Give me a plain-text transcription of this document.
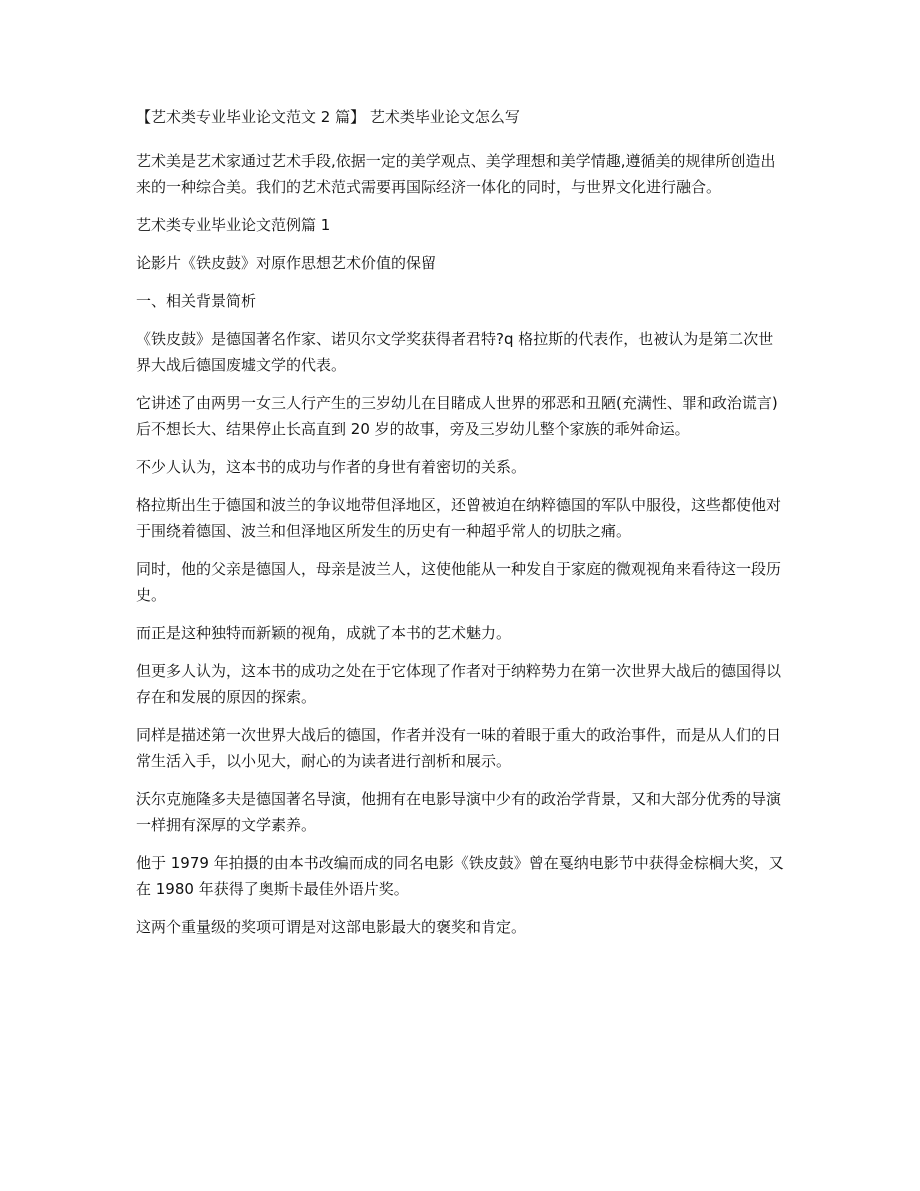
【艺术类专业毕业论文范文 2 篇】 艺术类毕业论文怎么写
艺术美是艺术家通过艺术手段,依据一定的美学观点、美学理想和美学情趣,遵循美的规律所创造出来的一种综合美。我们的艺术范式需要再国际经济一体化的同时，与世界文化进行融合。
艺术类专业毕业论文范例篇 1
论影片《铁皮鼓》对原作思想艺术价值的保留
一、相关背景简析
《铁皮鼓》是德国著名作家、诺贝尔文学奖获得者君特?q 格拉斯的代表作，也被认为是第二次世界大战后德国废墟文学的代表。
它讲述了由两男一女三人行产生的三岁幼儿在目睹成人世界的邪恶和丑陋(充满性、罪和政治谎言)后不想长大、结果停止长高直到 20 岁的故事，旁及三岁幼儿整个家族的乖舛命运。
不少人认为，这本书的成功与作者的身世有着密切的关系。
格拉斯出生于德国和波兰的争议地带但泽地区，还曾被迫在纳粹德国的军队中服役，这些都使他对于围绕着德国、波兰和但泽地区所发生的历史有一种超乎常人的切肤之痛。
同时，他的父亲是德国人，母亲是波兰人，这使他能从一种发自于家庭的微观视角来看待这一段历史。
而正是这种独特而新颖的视角，成就了本书的艺术魅力。
但更多人认为，这本书的成功之处在于它体现了作者对于纳粹势力在第一次世界大战后的德国得以存在和发展的原因的探索。
同样是描述第一次世界大战后的德国，作者并没有一味的着眼于重大的政治事件，而是从人们的日常生活入手，以小见大，耐心的为读者进行剖析和展示。
沃尔克施隆多夫是德国著名导演，他拥有在电影导演中少有的政治学背景，又和大部分优秀的导演一样拥有深厚的文学素养。
他于 1979 年拍摄的由本书改编而成的同名电影《铁皮鼓》曾在戛纳电影节中获得金棕榈大奖，又在 1980 年获得了奥斯卡最佳外语片奖。
这两个重量级的奖项可谓是对这部电影最大的褒奖和肯定。
